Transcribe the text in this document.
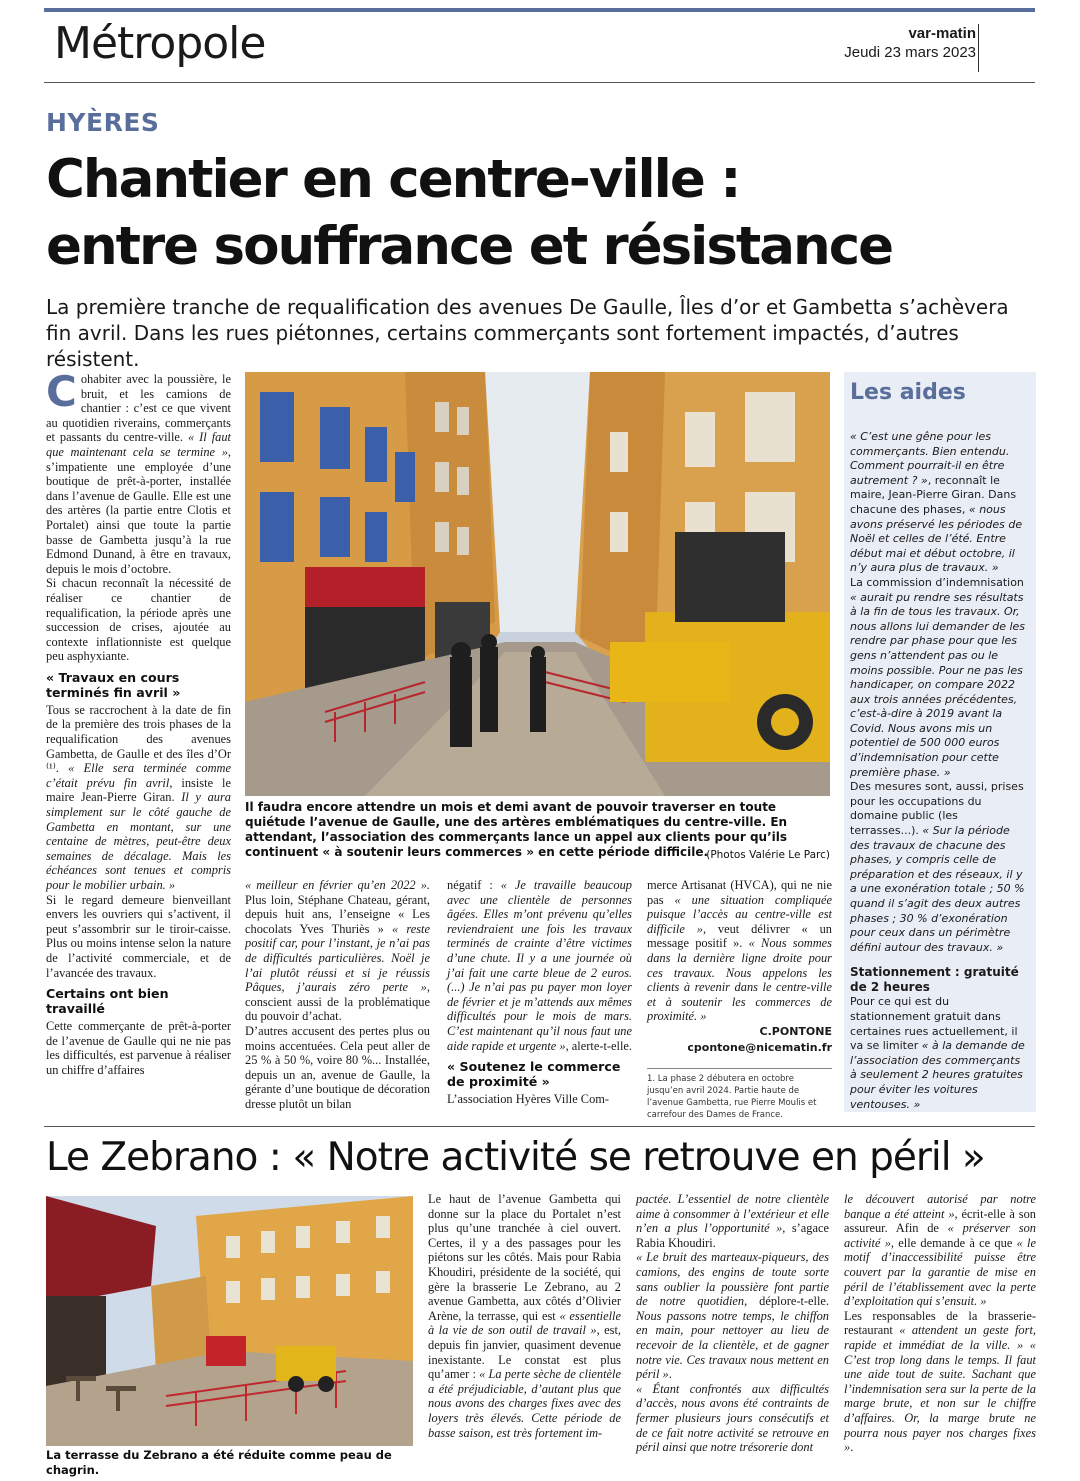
Métropole	var-matin
Jeudi 23 mars 2023
HYÈRES
Chantier en centre-ville :
entre souffrance et résistance
La première tranche de requalification des avenues De Gaulle, Îles d’or et Gambetta s’achèvera fin avril. Dans les rues piétonnes, certains commerçants sont fortement impactés, d’autres résistent.

Cohabiter avec la poussière, le bruit, et les camions de chantier : c’est ce que vivent au quotidien riverains, commerçants et passants du centre-ville. « Il faut que maintenant cela se termine », s’impatiente une employée d’une boutique de prêt-à-porter, installée dans l’avenue de Gaulle. Elle est une des artères (la partie entre Clotis et Portalet) ainsi que toute la partie basse de Gambetta jusqu’à la rue Edmond Dunand, à être en travaux, depuis le mois d’octobre.

Si chacun reconnaît la nécessité de réaliser ce chantier de requalification, la période après une succession de crises, ajoutée au contexte inflationniste est quelque peu asphyxiante.

« Travaux en cours terminés fin avril »

Tous se raccrochent à la date de fin de la première des trois phases de la requalification des avenues Gambetta, de Gaulle et des îles d’Or ⁽¹⁾. « Elle sera terminée comme c’était prévu fin avril, insiste le maire Jean-Pierre Giran. Il y aura simplement sur le côté gauche de Gambetta en montant, sur une centaine de mètres, peut-être deux semaines de décalage. Mais les échéances sont tenues et compris pour le mobilier urbain. »

Si le regard demeure bienveillant envers les ouvriers qui s’activent, il peut s’assombrir sur le tiroir-caisse. Plus ou moins intense selon la nature de l’activité commerciale, et de l’avancée des travaux.

Certains ont bien travaillé

Cette commerçante de prêt-à-porter de l’avenue de Gaulle qui ne nie pas les difficultés, est parvenue à réaliser un chiffre d’affaires

Il faudra encore attendre un mois et demi avant de pouvoir traverser en toute quiétude l’avenue de Gaulle, une des artères emblématiques du centre-ville. En attendant, l’association des commerçants lance un appel aux clients pour qu’ils continuent « à soutenir leurs commerces » en cette période difficile.
(Photos Valérie Le Parc)

« meilleur en février qu’en 2022 ». Plus loin, Stéphane Chateau, gérant, depuis huit ans, l’enseigne « Les chocolats Yves Thuriès » « reste positif car, pour l’instant, je n’ai pas de difficultés particulières. Noël je l’ai plutôt réussi et si je réussis Pâques, j’aurais zéro perte », conscient aussi de la problématique du pouvoir d’achat.

D’autres accusent des pertes plus ou moins accentuées. Cela peut aller de 25 % à 50 %, voire 80 %... Installée, depuis un an, avenue de Gaulle, la gérante d’une boutique de décoration dresse plutôt un bilan

négatif : « Je travaille beaucoup avec une clientèle de personnes âgées. Elles m’ont prévenu qu’elles reviendraient une fois les travaux terminés de crainte d’être victimes d’une chute. Il y a une journée où j’ai fait une carte bleue de 2 euros. (...) Je n’ai pas pu payer mon loyer de février et je m’attends aux mêmes difficultés pour le mois de mars. C’est maintenant qu’il nous faut une aide rapide et urgente », alerte-t-elle.

« Soutenez le commerce de proximité »

L’association Hyères Ville Com-

merce Artisanat (HVCA), qui ne nie pas « une situation compliquée puisque l’accès au centre-ville est difficile », veut délivrer « un message positif ». « Nous sommes dans la dernière ligne droite pour ces travaux. Nous appelons les clients à revenir dans le centre-ville et à soutenir les commerces de proximité. »

C.PONTONE
cpontone@nicematin.fr
1. La phase 2 débutera en octobre jusqu’en avril 2024. Partie haute de l’avenue Gambetta, rue Pierre Moulis et carrefour des Dames de France.
Les aides

« C’est une gêne pour les commerçants. Bien entendu. Comment pourrait-il en être autrement ? », reconnaît le maire, Jean-Pierre Giran. Dans chacune des phases, « nous avons préservé les périodes de Noël et celles de l’été. Entre début mai et début octobre, il n’y aura plus de travaux. »

La commission d’indemnisation « aurait pu rendre ses résultats à la fin de tous les travaux. Or, nous allons lui demander de les rendre par phase pour que les gens n’attendent pas ou le moins possible. Pour ne pas les handicaper, on compare 2022 aux trois années précédentes, c’est-à-dire à 2019 avant la Covid. Nous avons mis un potentiel de 500 000 euros d’indemnisation pour cette première phase. »

Des mesures sont, aussi, prises pour les occupations du domaine public (les terrasses...). « Sur la période des travaux de chacune des phases, y compris celle de préparation et des réseaux, il y a une exonération totale ; 50 % quand il s’agit des deux autres phases ; 30 % d’exonération pour ceux dans un périmètre défini autour des travaux. »

Stationnement : gratuité de 2 heures

Pour ce qui est du stationnement gratuit dans certaines rues actuellement, il va se limiter « à la demande de l’association des commerçants à seulement 2 heures gratuites pour éviter les voitures ventouses. »

Le Zebrano : « Notre activité se retrouve en péril »
La terrasse du Zebrano a été réduite comme peau de chagrin.

Le haut de l’avenue Gambetta qui donne sur la place du Portalet n’est plus qu’une tranchée à ciel ouvert. Certes, il y a des passages pour les piétons sur les côtés. Mais pour Rabia Khoudiri, présidente de la société, qui gère la brasserie Le Zebrano, au 2 avenue Gambetta, aux côtés d’Olivier Arène, la terrasse, qui est « essentielle à la vie de son outil de travail », est, depuis fin janvier, quasiment devenue inexistante. Le constat est plus qu’amer : « La perte sèche de clientèle a été préjudiciable, d’autant plus que nous avons des charges fixes avec des loyers très élevés. Cette période de basse saison, est très fortement im-

pactée. L’essentiel de notre clientèle aime à consommer à l’extérieur et elle n’en a plus l’opportunité », s’agace Rabia Khoudiri.

« Le bruit des marteaux-piqueurs, des camions, des engins de toute sorte sans oublier la poussière font partie de notre quotidien, déplore-t-elle. Nous passons notre temps, le chiffon en main, pour nettoyer au lieu de recevoir de la clientèle, et de gagner notre vie. Ces travaux nous mettent en péril ».

« Étant confrontés aux difficultés d’accès, nous avons été contraints de fermer plusieurs jours consécutifs et de ce fait notre activité se retrouve en péril ainsi que notre trésorerie dont

le découvert autorisé par notre banque a été atteint », écrit-elle à son assureur. Afin de « préserver son activité », elle demande à ce que « le motif d’inaccessibilité puisse être couvert par la garantie de mise en péril de l’établissement avec la perte d’exploitation qui s’ensuit. »

Les responsables de la brasserie-restaurant « attendent un geste fort, rapide et immédiat de la ville. » « C’est trop long dans le temps. Il faut une aide tout de suite. Sachant que l’indemnisation sera sur la perte de la marge brute, et non sur le chiffre d’affaires. Or, la marge brute ne pourra nous payer nos charges fixes ».
